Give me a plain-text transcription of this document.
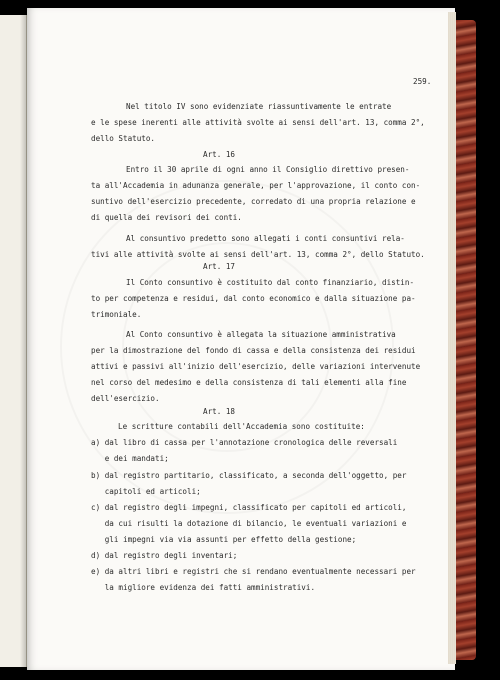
259.
Nel titolo IV sono evidenziate riassuntivamente le entrate
e le spese inerenti alle attività svolte ai sensi dell'art. 13, comma 2°,
dello Statuto.
Art. 16
Entro il 30 aprile di ogni anno il Consiglio direttivo presen-
ta all'Accademia in adunanza generale, per l'approvazione, il conto con-
suntivo dell'esercizio precedente, corredato di una propria relazione e
di quella dei revisori dei conti.
Al consuntivo predetto sono allegati i conti consuntivi rela-
tivi alle attività svolte ai sensi dell'art. 13, comma 2°, dello Statuto.
Art. 17
Il Conto consuntivo è costituito dal conto finanziario, distin-
to per competenza e residui, dal conto economico e dalla situazione pa-
trimoniale.
Al Conto consuntivo è allegata la situazione amministrativa
per la dimostrazione del fondo di cassa e della consistenza dei residui
attivi e passivi all'inizio dell'esercizio, delle variazioni intervenute
nel corso del medesimo e della consistenza di tali elementi alla fine
dell'esercizio.
Art. 18
Le scritture contabili dell'Accademia sono costituite:
a) dal libro di cassa per l'annotazione cronologica delle reversali
e dei mandati;
b) dal registro partitario, classificato, a seconda dell'oggetto, per
capitoli ed articoli;
c) dal registro degli impegni, classificato per capitoli ed articoli,
da cui risulti la dotazione di bilancio, le eventuali variazioni e
gli impegni via via assunti per effetto della gestione;
d) dal registro degli inventari;
e) da altri libri e registri che si rendano eventualmente necessari per
la migliore evidenza dei fatti amministrativi.
